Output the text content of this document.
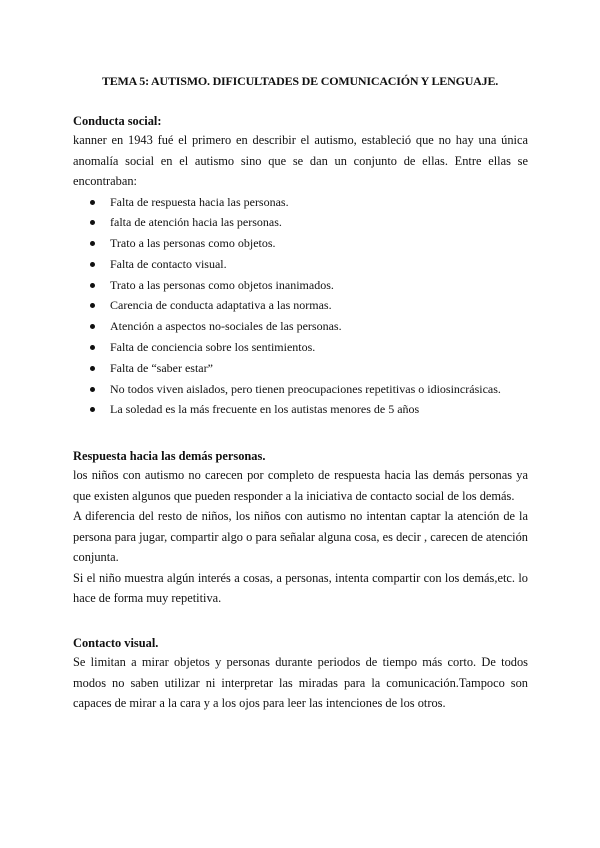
TEMA 5: AUTISMO. DIFICULTADES DE COMUNICACIÓN Y LENGUAJE.

Conducta social:

kanner en 1943 fué el primero en describir el autismo, estableció que no hay una única anomalía social en el autismo sino que se dan un conjunto de ellas. Entre ellas se encontraban:

Falta de respuesta hacia las personas.
falta de atención hacia las personas.
Trato a las personas como objetos.
Falta de contacto visual.
Trato a las personas como objetos inanimados.
Carencia de conducta adaptativa a las normas.
Atención a aspectos no-sociales de las personas.
Falta de conciencia sobre los sentimientos.
Falta de “saber estar”
No todos viven aislados, pero tienen preocupaciones repetitivas o idiosincrásicas.
La soledad es la más frecuente en los autistas menores de 5 años

Respuesta hacia las demás personas.

los niños con autismo no carecen por completo de respuesta hacia las demás personas ya que existen algunos que pueden responder a la iniciativa de contacto social de los demás.

A diferencia del resto de niños, los niños con autismo no intentan captar la atención de la persona para jugar, compartir algo o para señalar alguna cosa, es decir , carecen de atención conjunta.

Si el niño muestra algún interés a cosas, a personas, intenta compartir con los demás,etc. lo hace de forma muy repetitiva.

Contacto visual.

Se limitan a mirar objetos y personas durante periodos de tiempo más corto. De todos modos no saben utilizar ni interpretar las miradas para la comunicación.Tampoco son capaces de mirar a la cara y a los ojos para leer las intenciones de los otros.
